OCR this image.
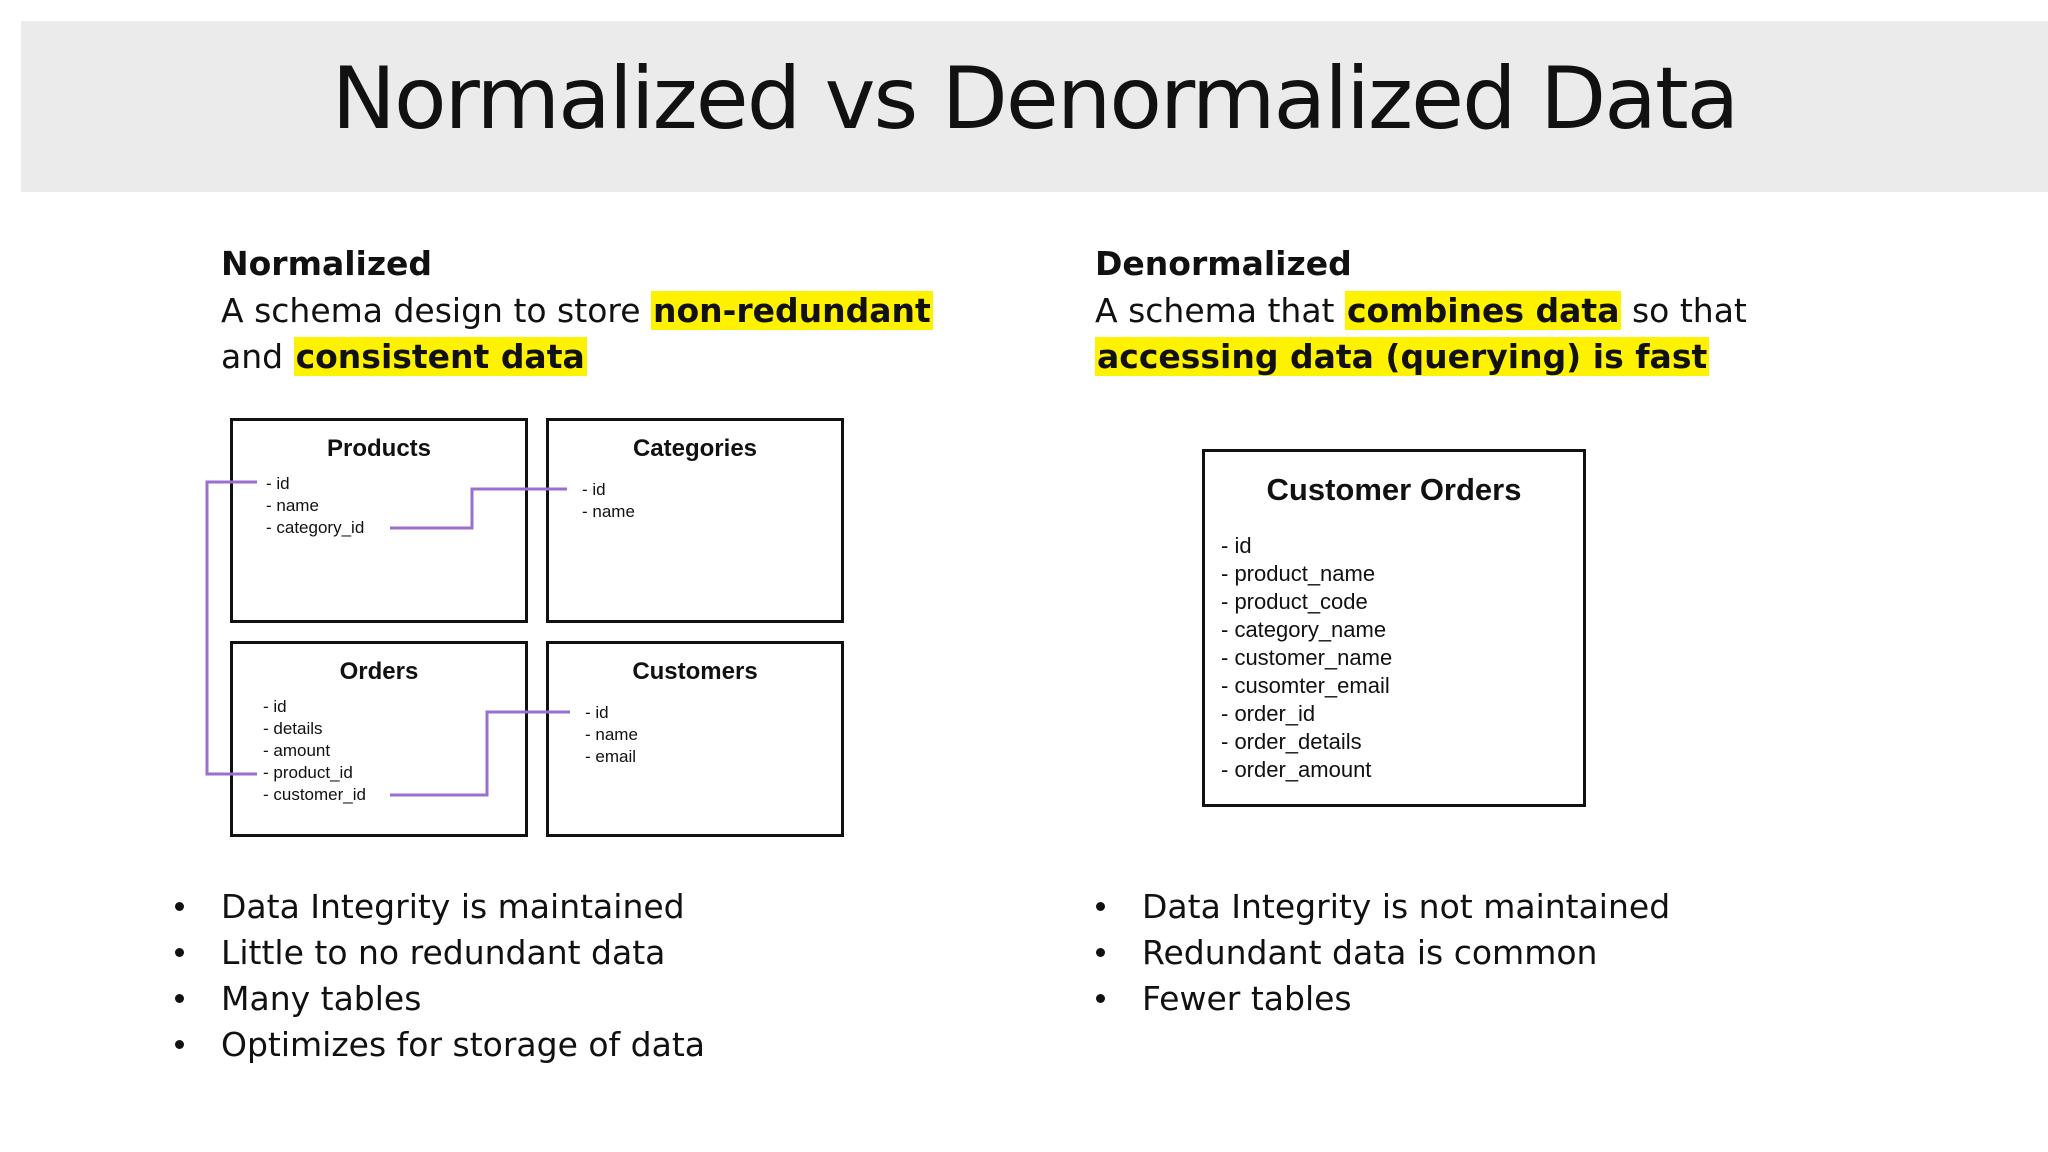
Normalized vs Denormalized Data
Normalized
A schema design to store non-redundant
and consistent data
Products
- id
- name
- category_id
Categories
- id
- name
Orders
- id
- details
- amount
- product_id
- customer_id
Customers
- id
- name
- email
Data Integrity is maintained
Little to no redundant data
Many tables
Optimizes for storage of data
Denormalized
A schema that combines data so that
accessing data (querying) is fast
Customer Orders
- id
- product_name
- product_code
- category_name
- customer_name
- cusomter_email
- order_id
- order_details
- order_amount
Data Integrity is not maintained
Redundant data is common
Fewer tables
